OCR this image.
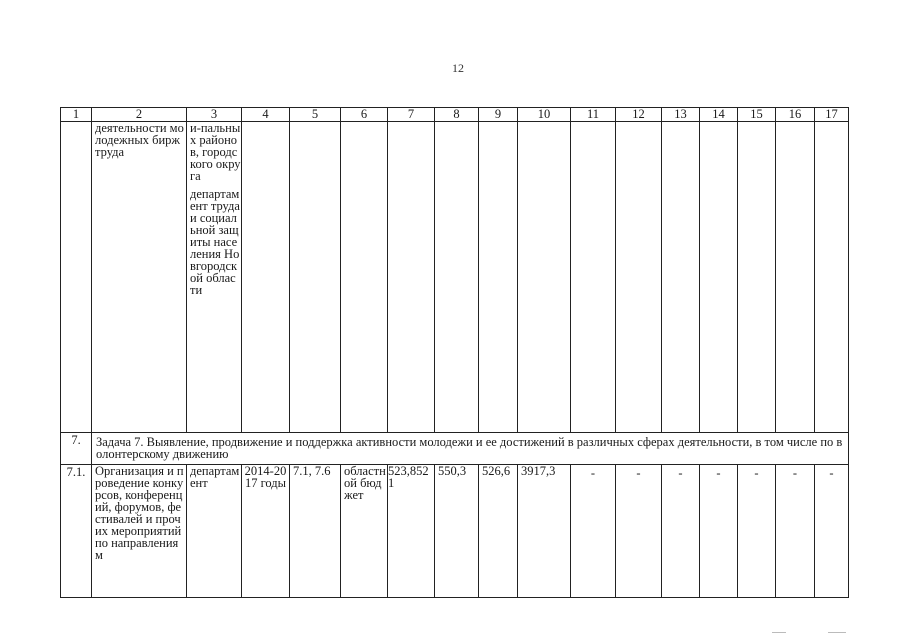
12
1	2	3	4	5	6	7	8	9	10	11	12	13	14	15	16	17
	деятельности молодежных бирж труда	и-пальных районов, городского округа
департамент труда и социальной защиты населения Новгородской области														

7.	Задача 7. Выявление, продвижение и поддержка активности молодежи и ее достижений в различных сферах деятельности, в том числе по волонтерскому движению															
7.1.	Организация и проведение конкурсов, конференций, форумов, фестивалей и прочих мероприятий по направлениям	департамент	2014-2017 годы	7.1, 7.6	областной бюджет	523,8521	550,3	526,6	3917,3	-	-	-	-	-	-	-
